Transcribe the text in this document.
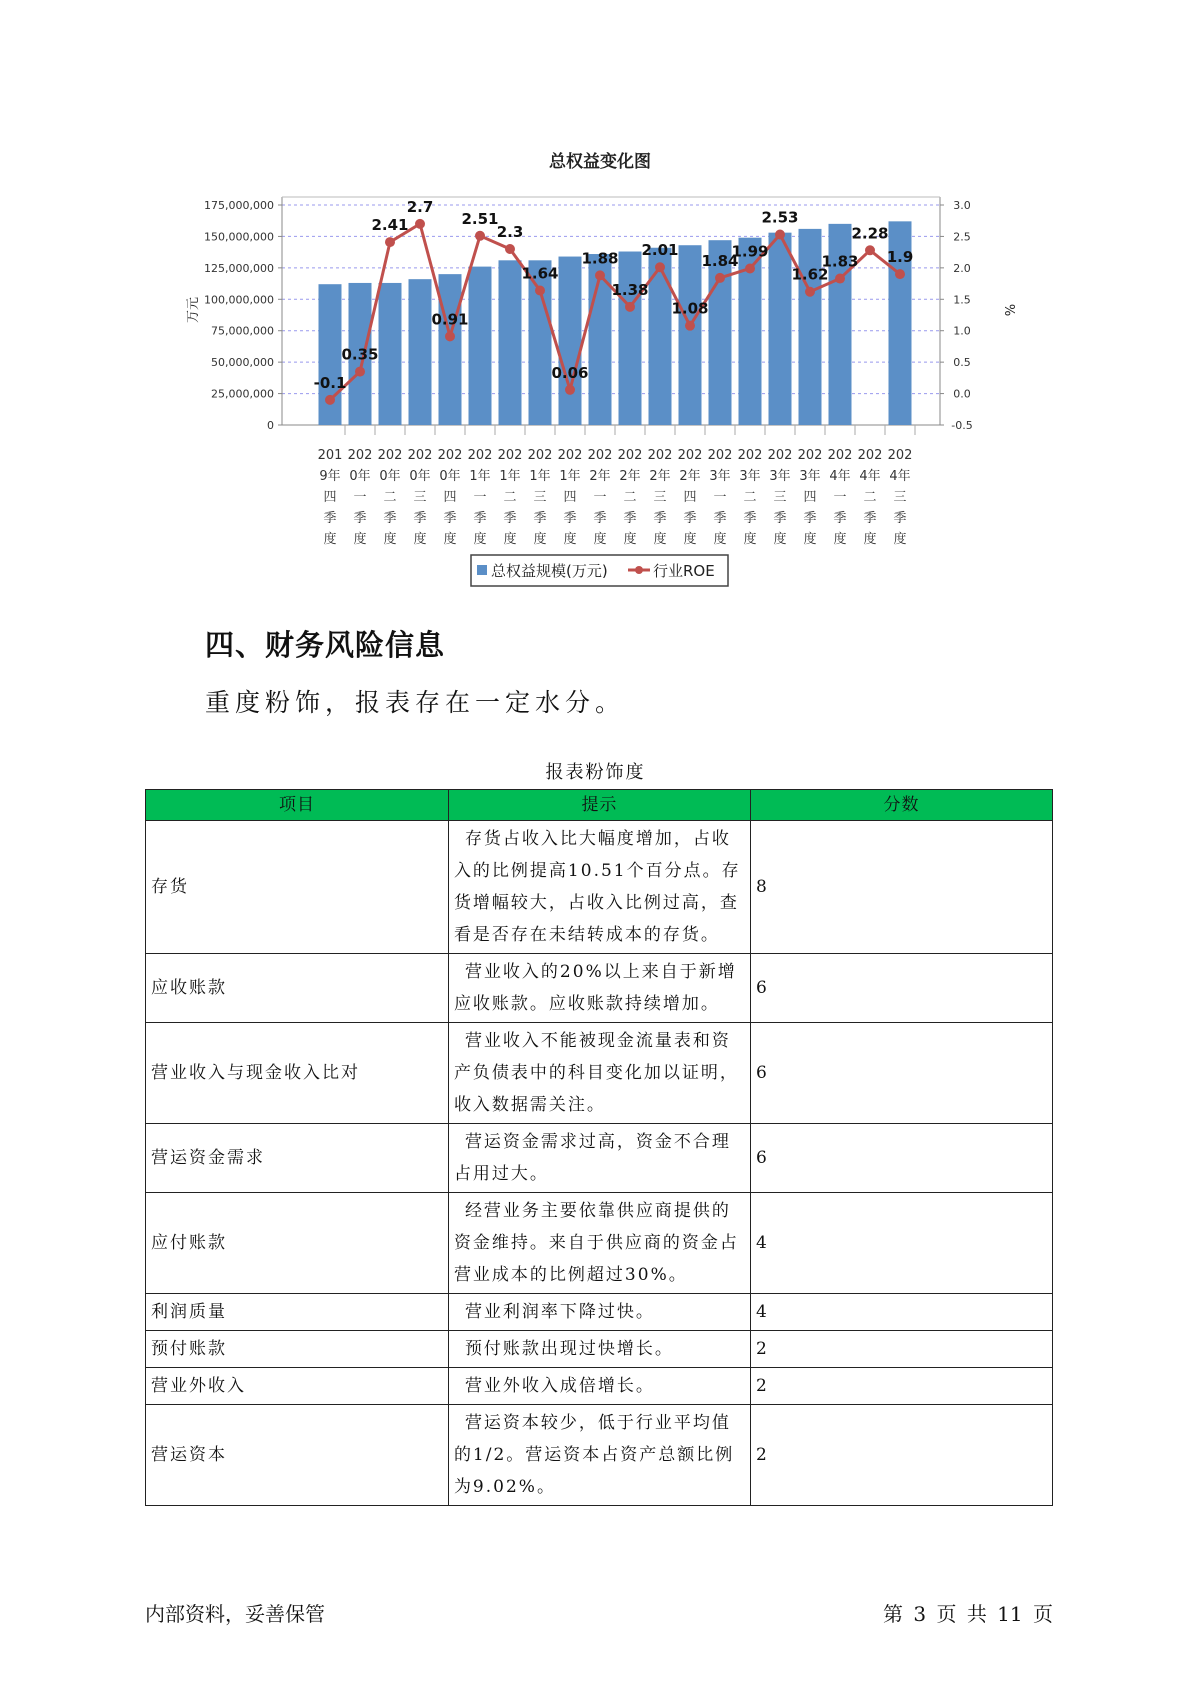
总权益变化图
0
25,000,000
50,000,000
75,000,000
100,000,000
125,000,000
150,000,000
175,000,000
-0.5
0.0
0.5
1.0
1.5
2.0
2.5
3.0
万元	%
-0.1
0.35
2.41
2.7
0.91
2.51
2.3
1.64
0.06
1.88
1.38
2.01
1.08
1.84
1.99
2.53
1.62
1.83
2.28
1.9
201
9年
四
季
度
202
0年
一
季
度
202
0年
二
季
度
202
0年
三
季
度
202
0年
四
季
度
202
1年
一
季
度
202
1年
二
季
度
202
1年
三
季
度
202
1年
四
季
度
202
2年
一
季
度
202
2年
二
季
度
202
2年
三
季
度
202
2年
四
季
度
202
3年
一
季
度
202
3年
二
季
度
202
3年
三
季
度
202
3年
四
季
度
202
4年
一
季
度
202
4年
二
季
度
202
4年
三
季
度
总权益规模(万元)	行业ROE
四、财务风险信息

重度粉饰，报表存在一定水分。

报表粉饰度
项目	提示	分数
存货	存货占收入比大幅度增加，占收入的比例提高10.51个百分点。存货增幅较大，占收入比例过高，查看是否存在未结转成本的存货。	8
应收账款	营业收入的20%以上来自于新增应收账款。应收账款持续增加。	6
营业收入与现金收入比对	营业收入不能被现金流量表和资产负债表中的科目变化加以证明，收入数据需关注。	6
营运资金需求	营运资金需求过高，资金不合理占用过大。	6
应付账款	经营业务主要依靠供应商提供的资金维持。来自于供应商的资金占营业成本的比例超过30%。	4
利润质量	营业利润率下降过快。	4
预付账款	预付账款出现过快增长。	2
营业外收入	营业外收入成倍增长。	2
营运资本	营运资本较少，低于行业平均值的1/2。营运资本占资产总额比例为9.02%。	2
内部资料，妥善保管	第 3 页 共 11 页
